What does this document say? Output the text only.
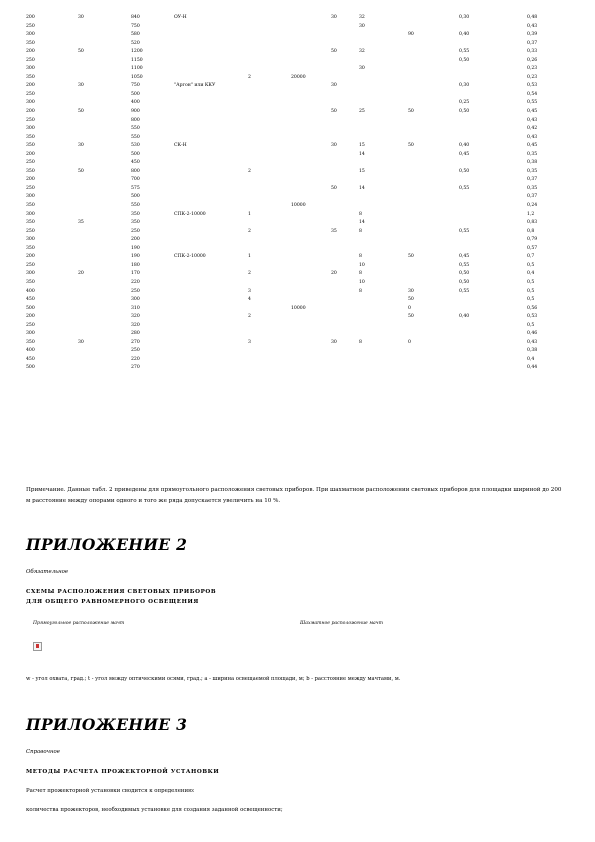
200	30	840	ОУ-Н			30	32		0,30	0,48
250		750					30			0,43
300		580						90	0,40	0,39
350		520								0,37
200	50	1200				50	32		0,55	0,33
250		1150							0,50	0,26
300		1100					30			0,23
350		1050		2	20000					0,23
200	30	750	"Аргон" или ККУ			30			0,30	0,53
250		500								0,54
300		400							0,25	0,55
200	50	900				50	25	50	0,50	0,45
250		800								0,43
300		550								0,42
350		550								0,43
350	30	530	СК-Н			30	15	50	0,40	0,45
200		500					14		0,45	0,35
250		450								0,38
350	50	800		2			15		0,50	0,35
200		700								0,37
250		575				50	14		0,55	0,35
300		500								0,37
350		550			10000					0,24
300		350	СПК-2-10000	1			8			1,2
350	35	350					14			0,83
250		250		2		35	8		0,55	0,8
300		200								0,79
350		190								0,57
200		190	СПК-2-10000	1			8	50	0,45	0,7
250		180					10		0,55	0,5
300	20	170		2		20	8		0,50	0,4
350		220					10		0,50	0,5
400		250		3			8	30	0,55	0,5
450		300		4				50		0,5
500		310			10000			0		0,56
200		320		2				50	0,40	0,53
250		320								0,5
300		280								0,46
350	30	270		3		30	8	0		0,43
400		250								0,38
450		220								0,4
500		270								0,44
Примечание. Данные табл. 2 приведены для прямоугольного расположения световых приборов. При шахматном расположении световых приборов для площадки шириной до 200 м расстояние между опорами одного и того же ряда допускается увеличить на 10 %.
ПРИЛОЖЕНИЕ 2
Обязательное
СХЕМЫ РАСПОЛОЖЕНИЯ СВЕТОВЫХ ПРИБОРОВ
ДЛЯ ОБЩЕГО РАВНОМЕРНОГО ОСВЕЩЕНИЯ
Прямоугольное расположение мачт	Шахматное расположение мачт
w - угол охвата, град.; t - угол между оптическими осями, град.; a - ширина освещаемой площади, м; b - расстояние между мачтами, м.
ПРИЛОЖЕНИЕ 3
Справочное
МЕТОДЫ РАСЧЕТА ПРОЖЕКТОРНОЙ УСТАНОВКИ
Расчет прожекторной установки сводится к определению:
количества прожекторов, необходимых установке для создания заданной освещенности;
